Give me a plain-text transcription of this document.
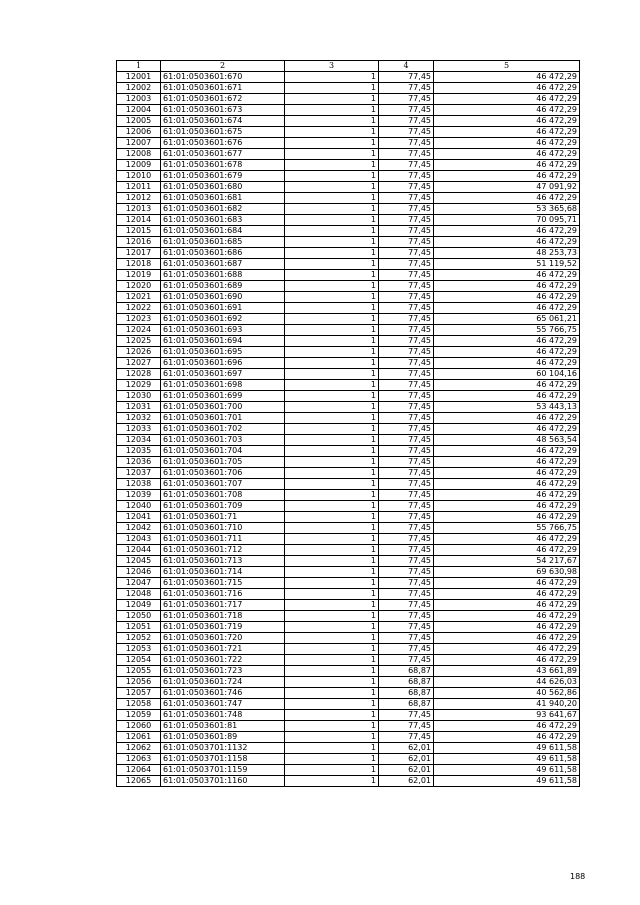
1	2	3	4	5
12001	61:01:0503601:670	1	77,45	46 472,29
12002	61:01:0503601:671	1	77,45	46 472,29
12003	61:01:0503601:672	1	77,45	46 472,29
12004	61:01:0503601:673	1	77,45	46 472,29
12005	61:01:0503601:674	1	77,45	46 472,29
12006	61:01:0503601:675	1	77,45	46 472,29
12007	61:01:0503601:676	1	77,45	46 472,29
12008	61:01:0503601:677	1	77,45	46 472,29
12009	61:01:0503601:678	1	77,45	46 472,29
12010	61:01:0503601:679	1	77,45	46 472,29
12011	61:01:0503601:680	1	77,45	47 091,92
12012	61:01:0503601:681	1	77,45	46 472,29
12013	61:01:0503601:682	1	77,45	53 365,68
12014	61:01:0503601:683	1	77,45	70 095,71
12015	61:01:0503601:684	1	77,45	46 472,29
12016	61:01:0503601:685	1	77,45	46 472,29
12017	61:01:0503601:686	1	77,45	48 253,73
12018	61:01:0503601:687	1	77,45	51 119,52
12019	61:01:0503601:688	1	77,45	46 472,29
12020	61:01:0503601:689	1	77,45	46 472,29
12021	61:01:0503601:690	1	77,45	46 472,29
12022	61:01:0503601:691	1	77,45	46 472,29
12023	61:01:0503601:692	1	77,45	65 061,21
12024	61:01:0503601:693	1	77,45	55 766,75
12025	61:01:0503601:694	1	77,45	46 472,29
12026	61:01:0503601:695	1	77,45	46 472,29
12027	61:01:0503601:696	1	77,45	46 472,29
12028	61:01:0503601:697	1	77,45	60 104,16
12029	61:01:0503601:698	1	77,45	46 472,29
12030	61:01:0503601:699	1	77,45	46 472,29
12031	61:01:0503601:700	1	77,45	53 443,13
12032	61:01:0503601:701	1	77,45	46 472,29
12033	61:01:0503601:702	1	77,45	46 472,29
12034	61:01:0503601:703	1	77,45	48 563,54
12035	61:01:0503601:704	1	77,45	46 472,29
12036	61:01:0503601:705	1	77,45	46 472,29
12037	61:01:0503601:706	1	77,45	46 472,29
12038	61:01:0503601:707	1	77,45	46 472,29
12039	61:01:0503601:708	1	77,45	46 472,29
12040	61:01:0503601:709	1	77,45	46 472,29
12041	61:01:0503601:71	1	77,45	46 472,29
12042	61:01:0503601:710	1	77,45	55 766,75
12043	61:01:0503601:711	1	77,45	46 472,29
12044	61:01:0503601:712	1	77,45	46 472,29
12045	61:01:0503601:713	1	77,45	54 217,67
12046	61:01:0503601:714	1	77,45	69 630,98
12047	61:01:0503601:715	1	77,45	46 472,29
12048	61:01:0503601:716	1	77,45	46 472,29
12049	61:01:0503601:717	1	77,45	46 472,29
12050	61:01:0503601:718	1	77,45	46 472,29
12051	61:01:0503601:719	1	77,45	46 472,29
12052	61:01:0503601:720	1	77,45	46 472,29
12053	61:01:0503601:721	1	77,45	46 472,29
12054	61:01:0503601:722	1	77,45	46 472,29
12055	61:01:0503601:723	1	68,87	43 661,89
12056	61:01:0503601:724	1	68,87	44 626,03
12057	61:01:0503601:746	1	68,87	40 562,86
12058	61:01:0503601:747	1	68,87	41 940,20
12059	61:01:0503601:748	1	77,45	93 641,67
12060	61:01:0503601:81	1	77,45	46 472,29
12061	61:01:0503601:89	1	77,45	46 472,29
12062	61:01:0503701:1132	1	62,01	49 611,58
12063	61:01:0503701:1158	1	62,01	49 611,58
12064	61:01:0503701:1159	1	62,01	49 611,58
12065	61:01:0503701:1160	1	62,01	49 611,58
188
